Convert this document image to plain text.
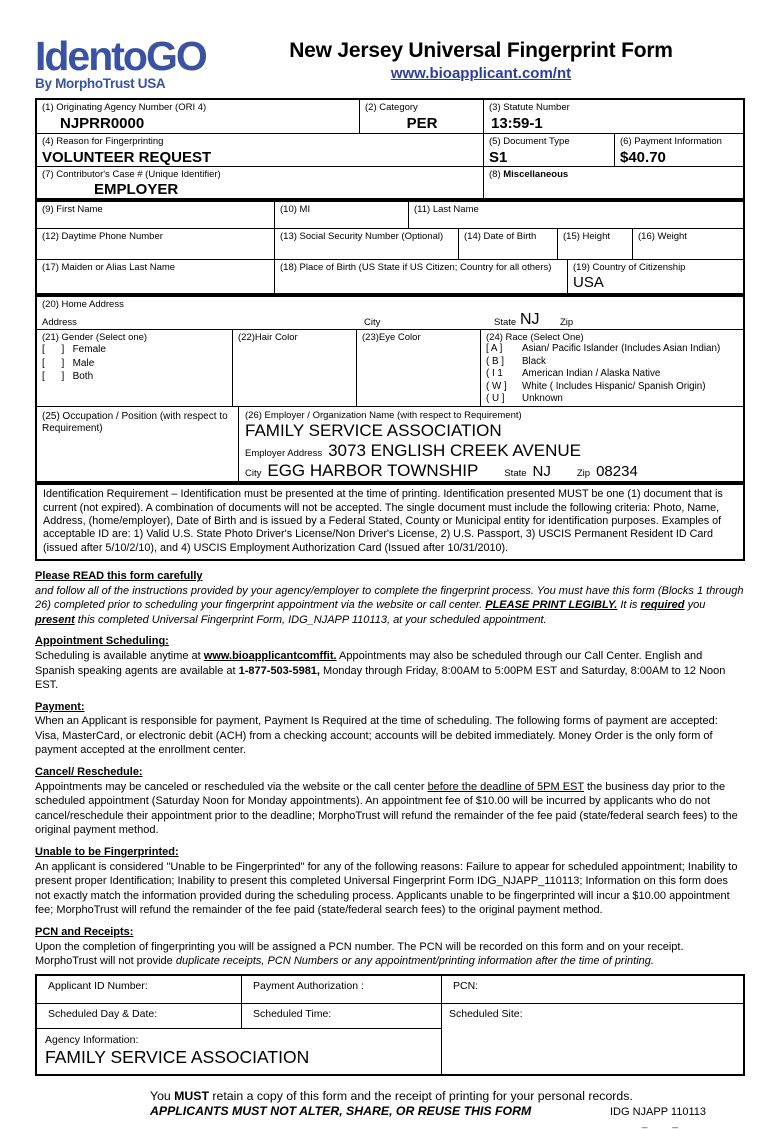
IdentoGO
By MorphoTrust USA
New Jersey Universal Fingerprint Form
www.bioapplicant.com/nt
(1) Originating Agency Number (ORI 4)
NJPRR0000
(2) Category
PER
(3) Statute Number
13:59-1
(4) Reason for Fingerprinting
VOLUNTEER REQUEST
(5) Document Type
S1
(6) Payment Information
$40.70
(7) Contributor's Case # (Unique Identifier)
EMPLOYER
(8) Miscellaneous
(9) First Name	(10) MI	(11) Last Name
(12) Daytime Phone Number	(13) Social Security Number (Optional)	(14) Date of Birth	(15) Height	(16) Weight
(17) Maiden or Alias Last Name	(18) Place of Birth (US State if US Citizen; Country for all others)	(19) Country of Citizenship
USA
(20) Home Address
Address	City	State NJ Zip
(21) Gender (Select one)
[      ] Female
[      ] Male
[      ] Both
(22)Hair Color	(23)Eye Color	(24) Race (Select One)
[ A ]	Asian/ Pacific Islander (Includes Asian Indian)
( B ]	Black
( I 1	American Indian / Alaska Native
( W ]	White ( Includes Hispanic/ Spanish Origin)
( U ]	Unknown
(25) Occupation / Position (with respect to Requirement)
(26) Employer / Organization Name (with respect to Requirement)
FAMILY SERVICE ASSOCIATION
Employer Address 3073 ENGLISH CREEK AVENUE
City EGG HARBOR TOWNSHIP	State NJ	Zip 08234
Identification Requirement – Identification must be presented at the time of printing. Identification presented MUST be one (1) document that is current (not expired). A combination of documents will not be accepted. The single document must include the following criteria: Photo, Name, Address, (home/employer), Date of Birth and is issued by a Federal Stated, County or Municipal entity for identification purposes. Examples of acceptable ID are: 1) Valid U.S. State Photo Driver's License/Non Driver's License, 2) U.S. Passport, 3) USCIS Permanent Resident ID Card (issued after 5/10/2/10), and 4) USCIS Employment Authorization Card (Issued after 10/31/2010).
Please READ this form carefully
and follow all of the instructions provided by your agency/employer to complete the fingerprint process. You must have this form (Blocks 1 through 26) completed prior to scheduling your fingerprint appointment via the website or call center. PLEASE PRINT LEGIBLY. It is required you present this completed Universal Fingerprint Form, IDG_NJAPP 110113, at your scheduled appointment.
Appointment Scheduling:
Scheduling is available anytime at www.bioapplicantcomffit. Appointments may also be scheduled through our Call Center. English and Spanish speaking agents are available at 1-877-503-5981, Monday through Friday, 8:00AM to 5:00PM EST and Saturday, 8:00AM to 12 Noon EST.
Payment:
When an Applicant is responsible for payment, Payment Is Required at the time of scheduling. The following forms of payment are accepted: Visa, MasterCard, or electronic debit (ACH) from a checking account; accounts will be debited immediately. Money Order is the only form of payment accepted at the enrollment center.
Cancel/ Reschedule:
Appointments may be canceled or rescheduled via the website or the call center before the deadline of 5PM EST the business day prior to the scheduled appointment (Saturday Noon for Monday appointments). An appointment fee of $10.00 will be incurred by applicants who do not cancel/reschedule their appointment prior to the deadline; MorphoTrust will refund the remainder of the fee paid (state/federal search fees) to the original payment method.
Unable to be Fingerprinted:
An applicant is considered "Unable to be Fingerprinted" for any of the following reasons: Failure to appear for scheduled appointment; Inability to present proper Identification; Inability to present this completed Universal Fingerprint Form IDG_NJAPP_110113; Information on this form does not exactly match the information provided during the scheduling process. Applicants unable to be fingerprinted will incur a $10.00 appointment fee; MorphoTrust will refund the remainder of the fee paid (state/federal search fees) to the original payment method.
PCN and Receipts:
Upon the completion of fingerprinting you will be assigned a PCN number. The PCN will be recorded on this form and on your receipt. MorphoTrust will not provide duplicate receipts, PCN Numbers or any appointment/printing information after the time of printing.
Applicant ID Number:	Payment Authorization :	PCN:
Scheduled Day & Date:	Scheduled Time:
Agency Information:
FAMILY SERVICE ASSOCIATION
Scheduled Site:
You MUST retain a copy of this form and the receipt of printing for your personal records.
APPLICANTS MUST NOT ALTER, SHARE, OR REUSE THIS FORM	IDG NJAPP 110113
_         _
